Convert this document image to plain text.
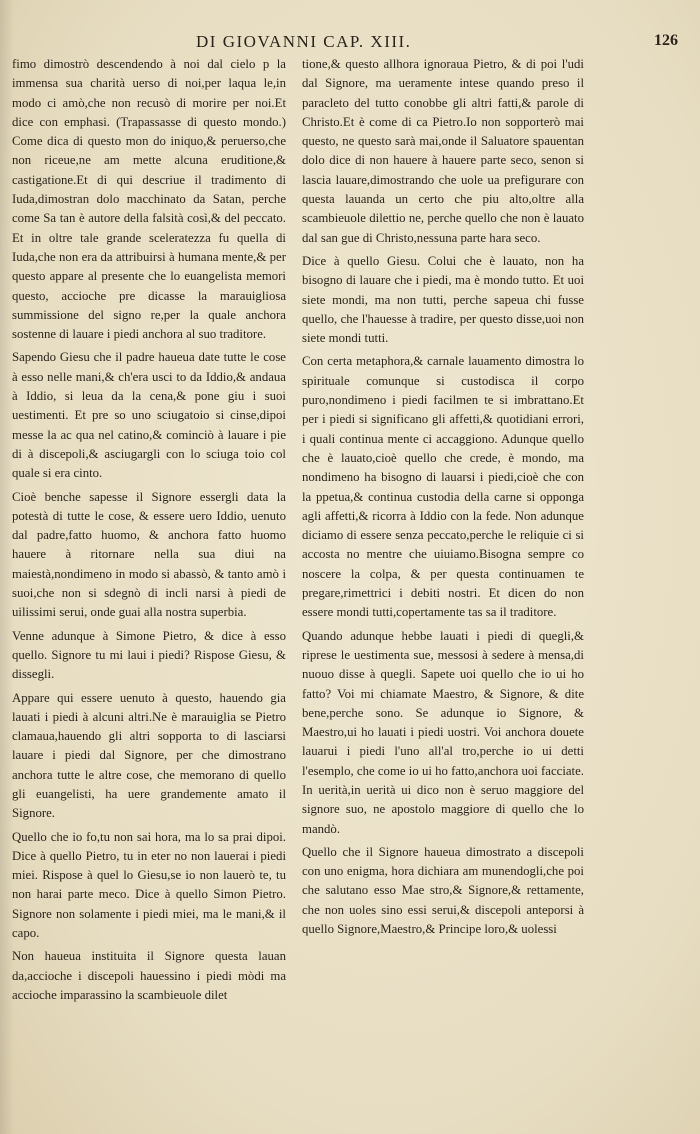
DI GIOVANNI CAP. XIII.	126

fimo dimostrò descendendo à noi dal cielo p la immensa sua charità uerso di noi,per laqua le,in modo ci amò,che non recusò di morire per noi.Et dice con emphasi. (Trapassasse di questo mondo.) Come dica di questo mon do iniquo,& peruerso,che non riceue,ne am mette alcuna eruditione,& castigatione.Et di qui descriue il tradimento di Iuda,dimostran dolo macchinato da Satan, perche come Sa tan è autore della falsità così,& del peccato. Et in oltre tale grande sceleratezza fu quella di Iuda,che non era da attribuirsi à humana mente,& per questo appare al presente che lo euangelista memori questo, accioche pre dicasse la marauigliosa summissione del signo re,per la quale anchora sostenne di lauare i piedi anchora al suo traditore.

Sapendo Giesu che il padre haueua date tutte le cose à esso nelle mani,& ch'era usci to da Iddio,& andaua à Iddio, si leua da la cena,& pone giu i suoi uestimenti. Et pre so uno sciugatoio si cinse,dipoi messe la ac qua nel catino,& cominciò à lauare i pie di à discepoli,& asciugargli con lo sciuga toio col quale si era cinto.

Cioè benche sapesse il Signore essergli data la potestà di tutte le cose, & essere uero Iddio, uenuto dal padre,fatto huomo, & anchora fatto huomo hauere à ritornare nella sua diui na maiestà,nondimeno in modo si abassò, & tanto amò i suoi,che non si sdegnò di incli narsi à piedi de uilissimi serui, onde guai alla nostra superbia.

Venne adunque à Simone Pietro, & dice à esso quello. Signore tu mi laui i piedi? Rispose Giesu, & dissegli.

Appare qui essere uenuto à questo, hauendo gia lauati i piedi à alcuni altri.Ne è marauiglia se Pietro clamaua,hauendo gli altri sopporta to di lasciarsi lauare i piedi dal Signore, per che dimostrano anchora tutte le altre cose, che memorano di quello gli euangelisti, ha uere grandemente amato il Signore.

Quello che io fo,tu non sai hora, ma lo sa prai dipoi. Dice à quello Pietro, tu in eter no non lauerai i piedi miei. Rispose à quel lo Giesu,se io non lauerò te, tu non harai parte meco. Dice à quello Simon Pietro. Signore non solamente i piedi miei, ma le mani,& il capo.

Non haueua instituita il Signore questa lauan da,accioche i discepoli hauessino i piedi mòdi ma accioche imparassino la scambieuole dilet

tione,& questo allhora ignoraua Pietro, & di poi l'udi dal Signore, ma ueramente intese quando preso il paracleto del tutto conobbe gli altri fatti,& parole di Christo.Et è come di ca Pietro.Io non sopporterò mai questo, ne questo sarà mai,onde il Saluatore spauentan dolo dice di non hauere à hauere parte seco, senon si lascia lauare,dimostrando che uole ua prefigurare con questa lauanda un certo che piu alto,oltre alla scambieuole dilettio ne, perche quello che non è lauato dal san gue di Christo,nessuna parte hara seco.

Dice à quello Giesu. Colui che è lauato, non ha bisogno di lauare che i piedi, ma è mondo tutto. Et uoi siete mondi, ma non tutti, perche sapeua chi fusse quello, che l'hauesse à tradire, per questo disse,uoi non siete mondi tutti.

Con certa metaphora,& carnale lauamento dimostra lo spirituale comunque si custodisca il corpo puro,nondimeno i piedi facilmen te si imbrattano.Et per i piedi si significano gli affetti,& quotidiani errori, i quali continua mente ci accaggiono. Adunque quello che è lauato,cioè quello che crede, è mondo, ma nondimeno ha bisogno di lauarsi i piedi,cioè che con la ppetua,& continua custodia della carne si opponga agli affetti,& ricorra à Iddio con la fede. Non adunque diciamo di essere senza peccato,perche le reliquie ci si accosta no mentre che uiuiamo.Bisogna sempre co noscere la colpa, & per questa continuamen te pregare,rimettrici i debiti nostri. Et dicen do non essere mondi tutti,copertamente tas sa il traditore.

Quando adunque hebbe lauati i piedi di quegli,& riprese le uestimenta sue, messosi à sedere à mensa,di nuouo disse à quegli. Sapete uoi quello che io ui ho fatto? Voi mi chiamate Maestro, & Signore, & dite bene,perche sono. Se adunque io Signore, & Maestro,ui ho lauati i piedi uostri. Voi anchora douete lauarui i piedi l'uno all'al tro,perche io ui detti l'esemplo, che come io ui ho fatto,anchora uoi facciate. In uerità,in uerità ui dico non è seruo maggiore del signore suo, ne apostolo maggiore di quello che lo mandò.

Quello che il Signore haueua dimostrato a discepoli con uno enigma, hora dichiara am munendogli,che poi che salutano esso Mae stro,& Signore,& rettamente, che non uoles sino essi serui,& discepoli anteporsi à quello Signore,Maestro,& Principe loro,& uolessi
